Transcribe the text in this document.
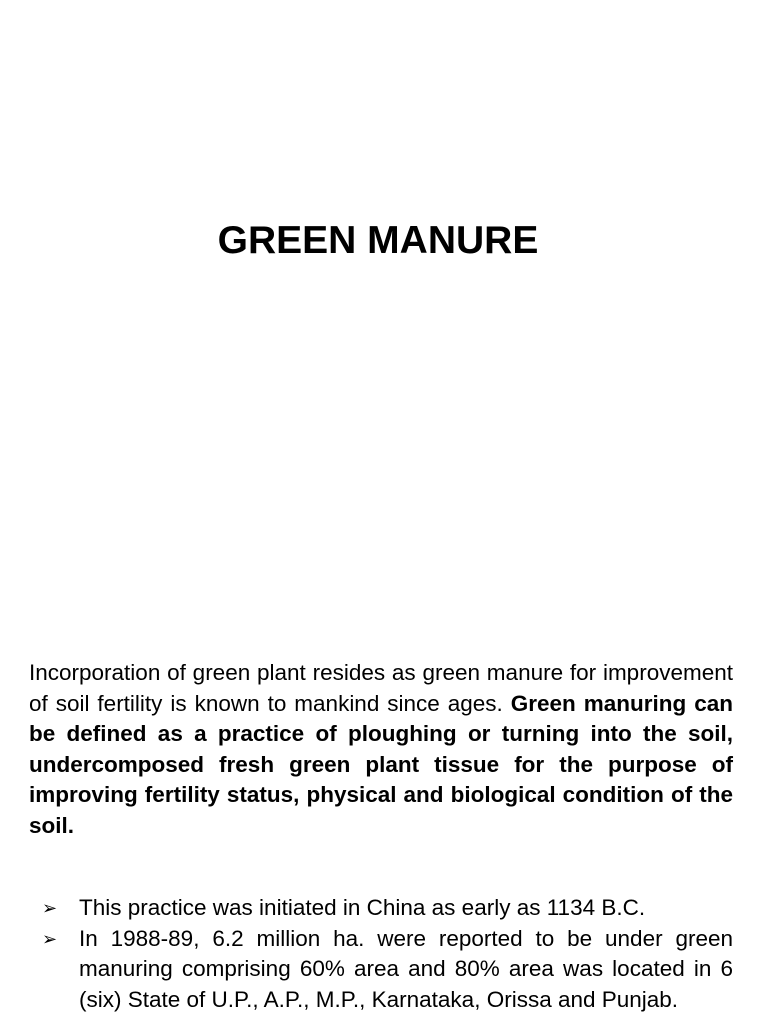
GREEN MANURE

Incorporation of green plant resides as green manure for improvement of soil fertility is known to mankind since ages. Green manuring can be defined as a practice of ploughing or turning into the soil, undercomposed fresh green plant tissue for the purpose of improving fertility status, physical and biological condition of the soil.

➢ This practice was initiated in China as early as 1134 B.C.
➢ In 1988-89, 6.2 million ha. were reported to be under green manuring comprising 60% area and 80% area was located in 6 (six) State of U.P., A.P., M.P., Karnataka, Orissa and Punjab.
